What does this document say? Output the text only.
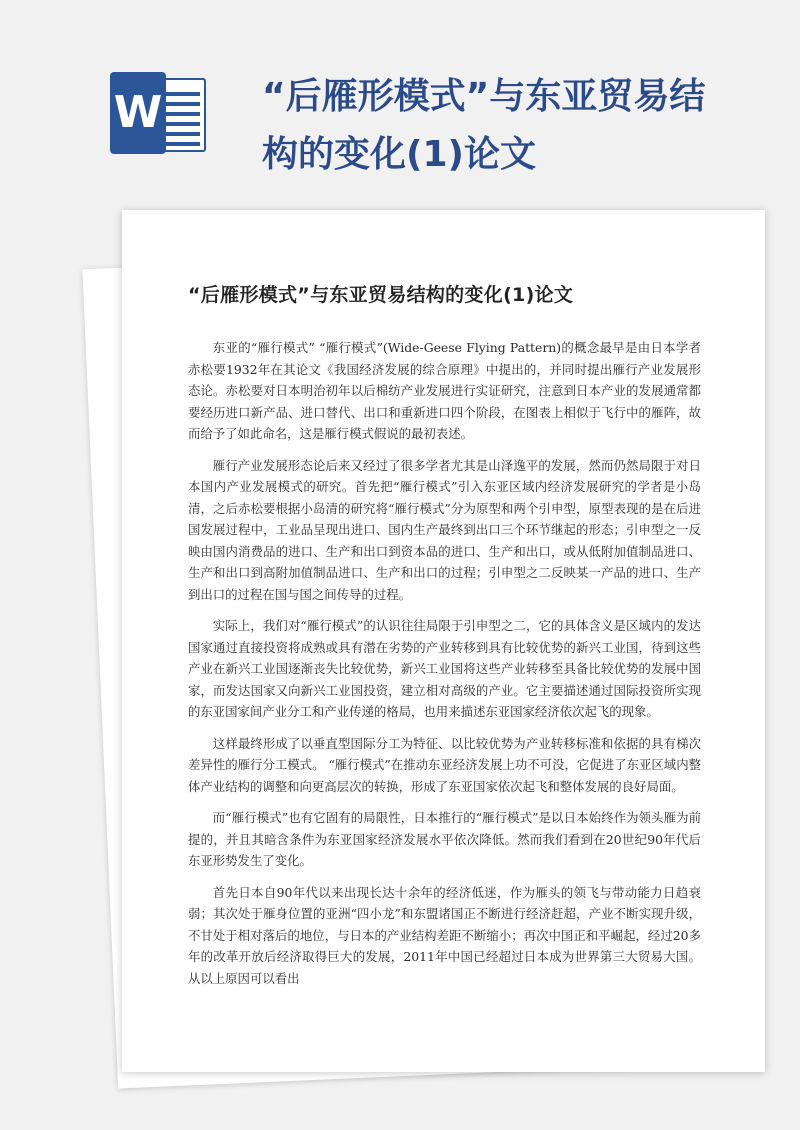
W	“后雁形模式”与东亚贸易结构的变化(1)论文
“后雁形模式”与东亚贸易结构的变化(1)论文

东亚的“雁行模式” “雁行模式”(Wide-Geese Flying Pattern)的概念最早是由日本学者赤松要1932年在其论文《我国经济发展的综合原理》中提出的，并同时提出雁行产业发展形态论。赤松要对日本明治初年以后棉纺产业发展进行实证研究，注意到日本产业的发展通常都要经历进口新产品、进口替代、出口和重新进口四个阶段，在图表上相似于飞行中的雁阵，故而给予了如此命名，这是雁行模式假说的最初表述。

雁行产业发展形态论后来又经过了很多学者尤其是山泽逸平的发展，然而仍然局限于对日本国内产业发展模式的研究。首先把“雁行模式”引入东亚区域内经济发展研究的学者是小岛清，之后赤松要根据小岛清的研究将“雁行模式”分为原型和两个引申型，原型表现的是在后进国发展过程中，工业品呈现出进口、国内生产最终到出口三个环节继起的形态；引申型之一反映由国内消费品的进口、生产和出口到资本品的进口、生产和出口，或从低附加值制品进口、生产和出口到高附加值制品进口、生产和出口的过程；引申型之二反映某一产品的进口、生产到出口的过程在国与国之间传导的过程。

实际上，我们对“雁行模式”的认识往往局限于引申型之二，它的具体含义是区域内的发达国家通过直接投资将成熟或具有潜在劣势的产业转移到具有比较优势的新兴工业国，待到这些产业在新兴工业国逐渐丧失比较优势，新兴工业国将这些产业转移至具备比较优势的发展中国家，而发达国家又向新兴工业国投资，建立相对高级的产业。它主要描述通过国际投资所实现的东亚国家间产业分工和产业传递的格局，也用来描述东亚国家经济依次起飞的现象。

这样最终形成了以垂直型国际分工为特征、以比较优势为产业转移标准和依据的具有梯次差异性的雁行分工模式。 “雁行模式”在推动东亚经济发展上功不可没，它促进了东亚区域内整体产业结构的调整和向更高层次的转换，形成了东亚国家依次起飞和整体发展的良好局面。

而“雁行模式”也有它固有的局限性，日本推行的“雁行模式”是以日本始终作为领头雁为前提的，并且其暗含条件为东亚国家经济发展水平依次降低。然而我们看到在20世纪90年代后东亚形势发生了变化。

首先日本自90年代以来出现长达十余年的经济低迷，作为雁头的领飞与带动能力日趋衰弱；其次处于雁身位置的亚洲“四小龙”和东盟诸国正不断进行经济赶超，产业不断实现升级，不甘处于相对落后的地位，与日本的产业结构差距不断缩小；再次中国正和平崛起，经过20多年的改革开放后经济取得巨大的发展，2011年中国已经超过日本成为世界第三大贸易大国。从以上原因可以看出
